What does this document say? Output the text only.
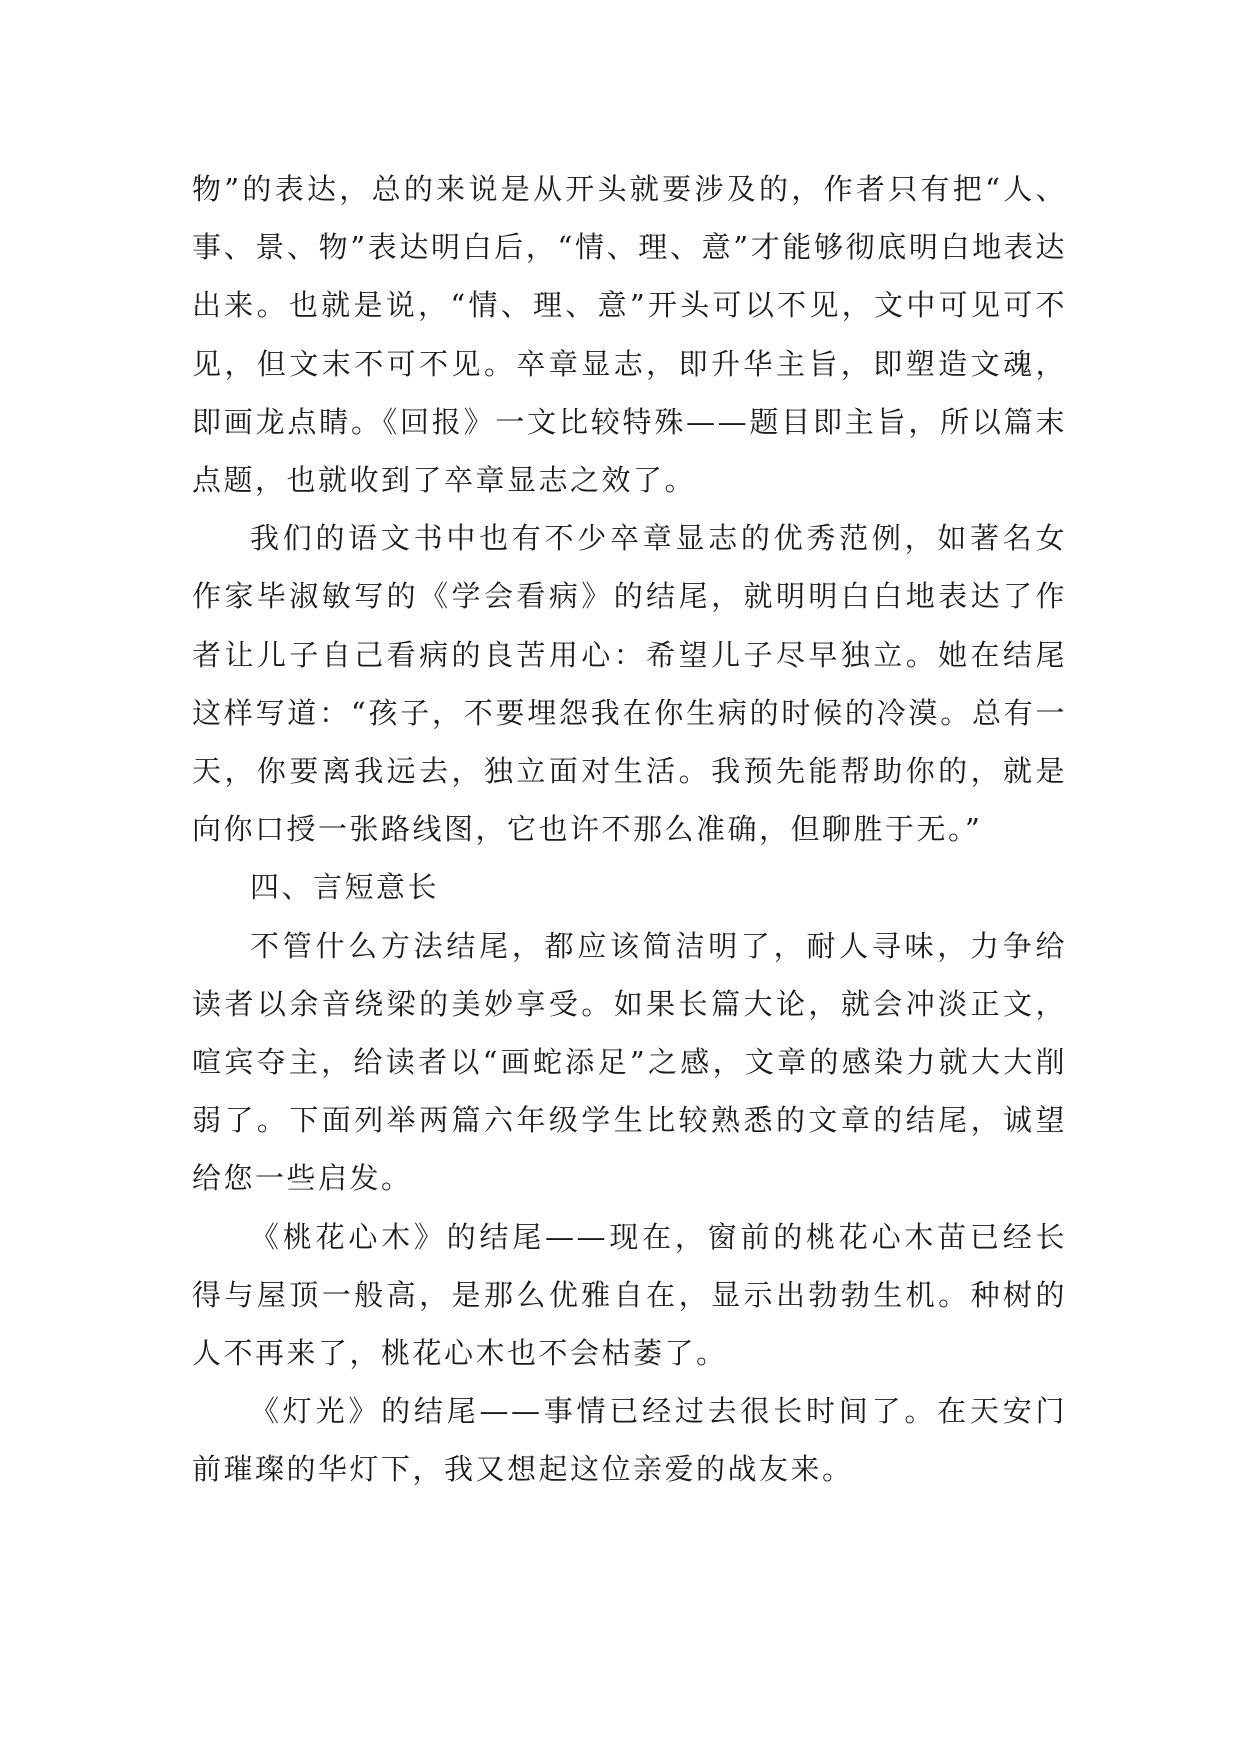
物”的表达，总的来说是从开头就要涉及的，作者只有把“人、事、景、物”表达明白后，“情、理、意”才能够彻底明白地表达出来。也就是说，“情、理、意”开头可以不见，文中可见可不见，但文末不可不见。卒章显志，即升华主旨，即塑造文魂，即画龙点睛。《回报》一文比较特殊——题目即主旨，所以篇末点题，也就收到了卒章显志之效了。

我们的语文书中也有不少卒章显志的优秀范例，如著名女作家毕淑敏写的《学会看病》的结尾，就明明白白地表达了作者让儿子自己看病的良苦用心：希望儿子尽早独立。她在结尾这样写道：“孩子，不要埋怨我在你生病的时候的冷漠。总有一天，你要离我远去，独立面对生活。我预先能帮助你的，就是向你口授一张路线图，它也许不那么准确，但聊胜于无。”

四、言短意长

不管什么方法结尾，都应该简洁明了，耐人寻味，力争给读者以余音绕梁的美妙享受。如果长篇大论，就会冲淡正文，喧宾夺主，给读者以“画蛇添足”之感，文章的感染力就大大削弱了。下面列举两篇六年级学生比较熟悉的文章的结尾，诚望给您一些启发。

《桃花心木》的结尾——现在，窗前的桃花心木苗已经长得与屋顶一般高，是那么优雅自在，显示出勃勃生机。种树的人不再来了，桃花心木也不会枯萎了。

《灯光》的结尾——事情已经过去很长时间了。在天安门前璀璨的华灯下，我又想起这位亲爱的战友来。
